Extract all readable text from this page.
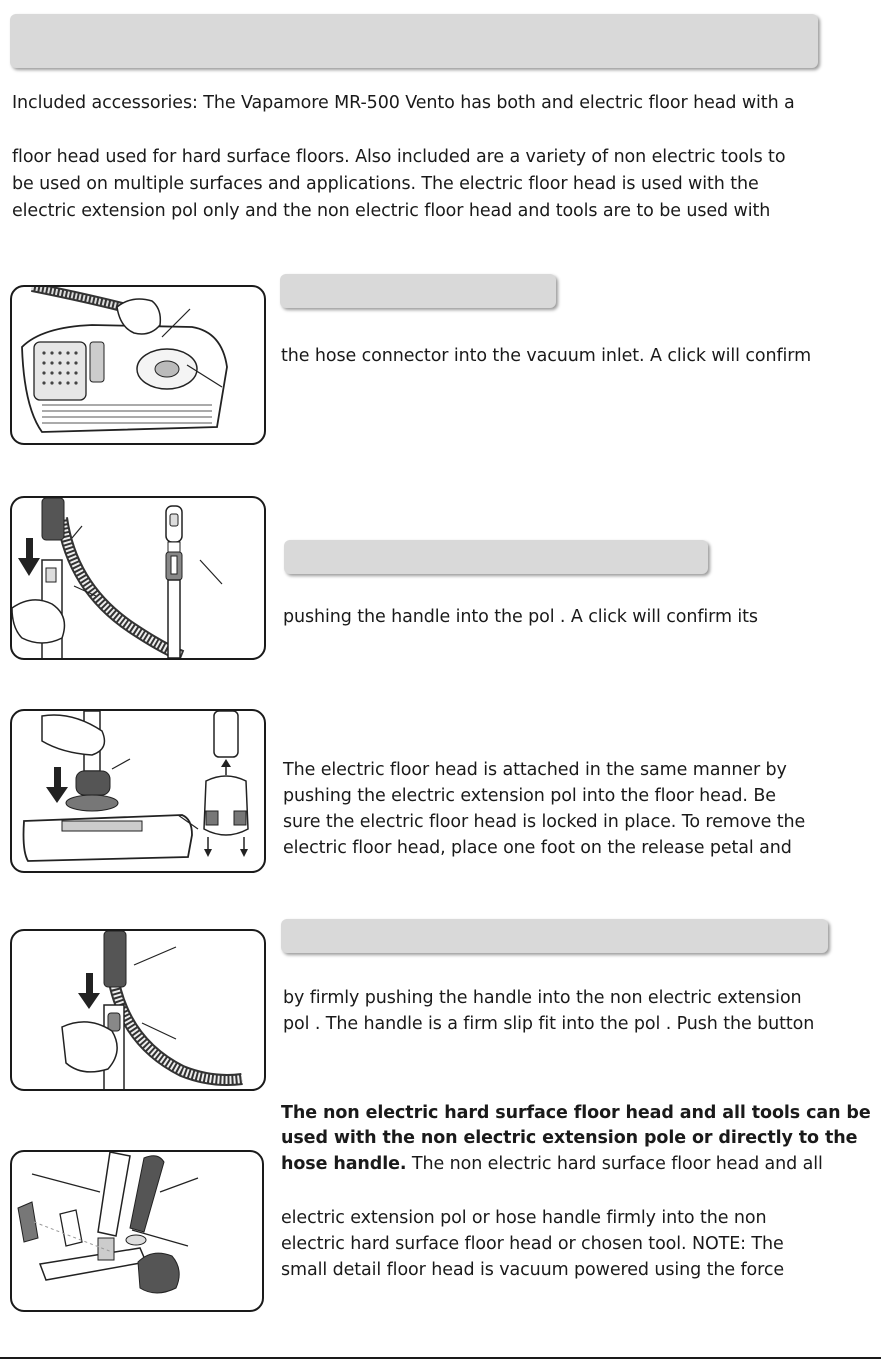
Included accessories: The Vapamore MR-500 Vento has both and electric floor head with a
floor head used for hard surface floors. Also included are a variety of non electric tools to
be used on multiple surfaces and applications. The electric floor head is used with the
electric extension pol only and the non electric floor head and tools are to be used with
the hose connector into the vacuum inlet. A click will confirm
pushing the handle into the pol . A click will confirm its
The electric floor head is attached in the same manner by
pushing the electric extension pol into the floor head. Be
sure the electric floor head is locked in place. To remove the
electric floor head, place one foot on the release petal and
by firmly pushing the handle into the non electric extension
pol . The handle is a firm slip fit into the pol . Push the button
The non electric hard surface floor head and all tools can be
used with the non electric extension pole or directly to the
hose handle. The non electric hard surface floor head and all
electric extension pol or hose handle firmly into the non
electric hard surface floor head or chosen tool. NOTE: The
small detail floor head is vacuum powered using the force
